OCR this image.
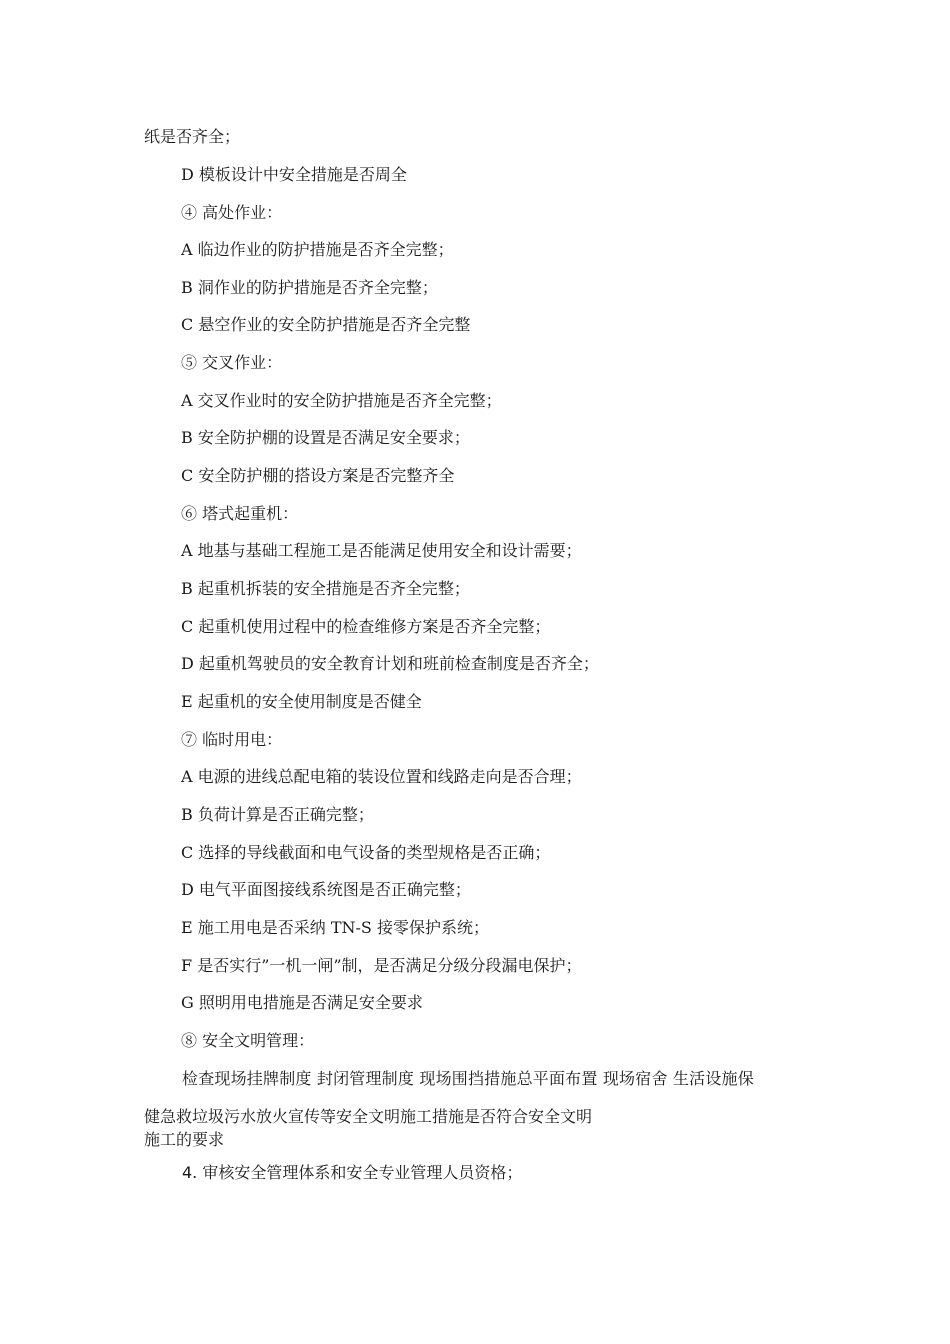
纸是否齐全；
D 模板设计中安全措施是否周全
④ 高处作业：
A 临边作业的防护措施是否齐全完整；
B 洞作业的防护措施是否齐全完整；
C 悬空作业的安全防护措施是否齐全完整
⑤ 交叉作业：
A 交叉作业时的安全防护措施是否齐全完整；
B 安全防护棚的设置是否满足安全要求；
C 安全防护棚的搭设方案是否完整齐全
⑥ 塔式起重机：
A 地基与基础工程施工是否能满足使用安全和设计需要；
B 起重机拆装的安全措施是否齐全完整；
C 起重机使用过程中的检查维修方案是否齐全完整；
D 起重机驾驶员的安全教育计划和班前检查制度是否齐全；
E 起重机的安全使用制度是否健全
⑦ 临时用电：
A 电源的进线总配电箱的装设位置和线路走向是否合理；
B 负荷计算是否正确完整；
C 选择的导线截面和电气设备的类型规格是否正确；
D 电气平面图接线系统图是否正确完整；
E 施工用电是否采纳 TN-S 接零保护系统；
F 是否实行”一机一闸”制，是否满足分级分段漏电保护；
G 照明用电措施是否满足安全要求
⑧ 安全文明管理：
检查现场挂牌制度 封闭管理制度 现场围挡措施总平面布置 现场宿舍 生活设施保
健急救垃圾污水放火宣传等安全文明施工措施是否符合安全文明
施工的要求
4. 审核安全管理体系和安全专业管理人员资格；
